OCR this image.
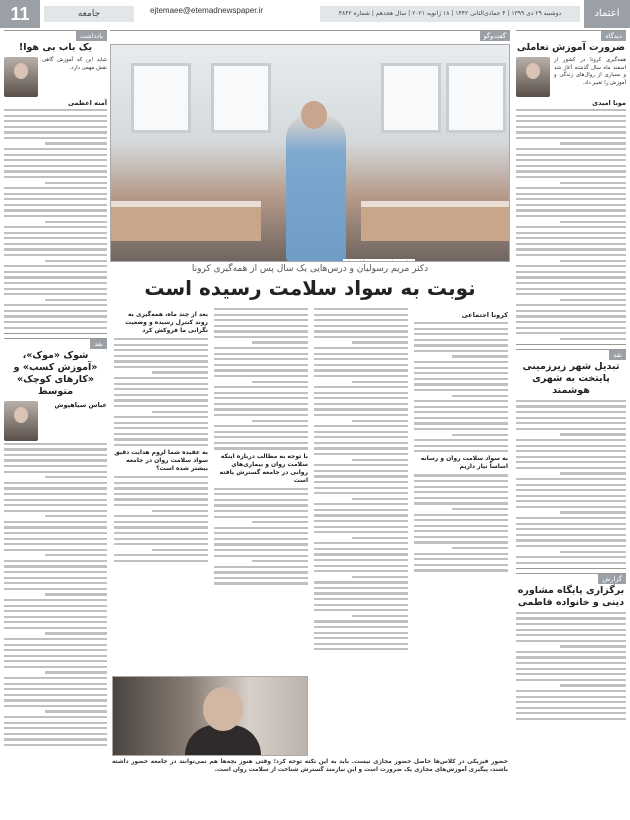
11	جامعه	ejtemaee@etemadnewspaper.ir	دوشنبه ۲۹ دی ۱۳۹۹ | ۴ جمادی‌الثانی ۱۴۴۲ | ۱۸ ژانویه ۲۰۲۱ | سال هجدهم | شماره ۴۸۴۲	اعتماد
دیدگاه
ضرورت آموزش تعاملی
همه‌گیری کرونا در کشور از اسفند ماه سال گذشته آغاز شد و بسیاری از روال‌های زندگی و آموزش را تغییر داد.
مونا امیدی
نقد
تبدیل شهر زیرزمینی پایتخت به شهری هوشمند
گزارش
برگزاری پایگاه مشاوره دینی و خانواده فاطمی
یادداشت
یک باب بی هوا!
شاید این که آموزش گاهی نقش مهمی دارد.
آمنه اعظمی
نقد
شوک «موک»، «آموزش کسب» و «کارهای کوچک» متوسط
عباس سیاهپوش
گفت‌وگو
دکتر مریم رسولیان و درس‌هایی یک سال پس از همه‌گیری کرونا
نوبت به سواد سلامت رسیده است
کرونا اجتماعی
به سواد سلامت روان و رسانه اساساً نیاز داریم
با توجه به مطالب درباره اینکه سلامت روان و بیماری‌های روانی در جامعه گسترش یافته است
بعد از چند ماه، همه‌گیری به روند کنترل رسیده و وضعیت نگرانی ما فروکش کرد
به عقیده شما لزوم هدایت دقیق سواد سلامت روان در جامعه بیشتر شده است؟
حضور فیزیکی در کلاس‌ها حاصل حضور مجازی نیست. باید به این نکته توجه کرد؛ وقتی هنوز بچه‌ها هم نمی‌توانند در جامعه حضور داشته باشند، پیگیری آموزش‌های مجازی یک ضرورت است و این نیازمند گسترش شناخت از سلامت روان است.
